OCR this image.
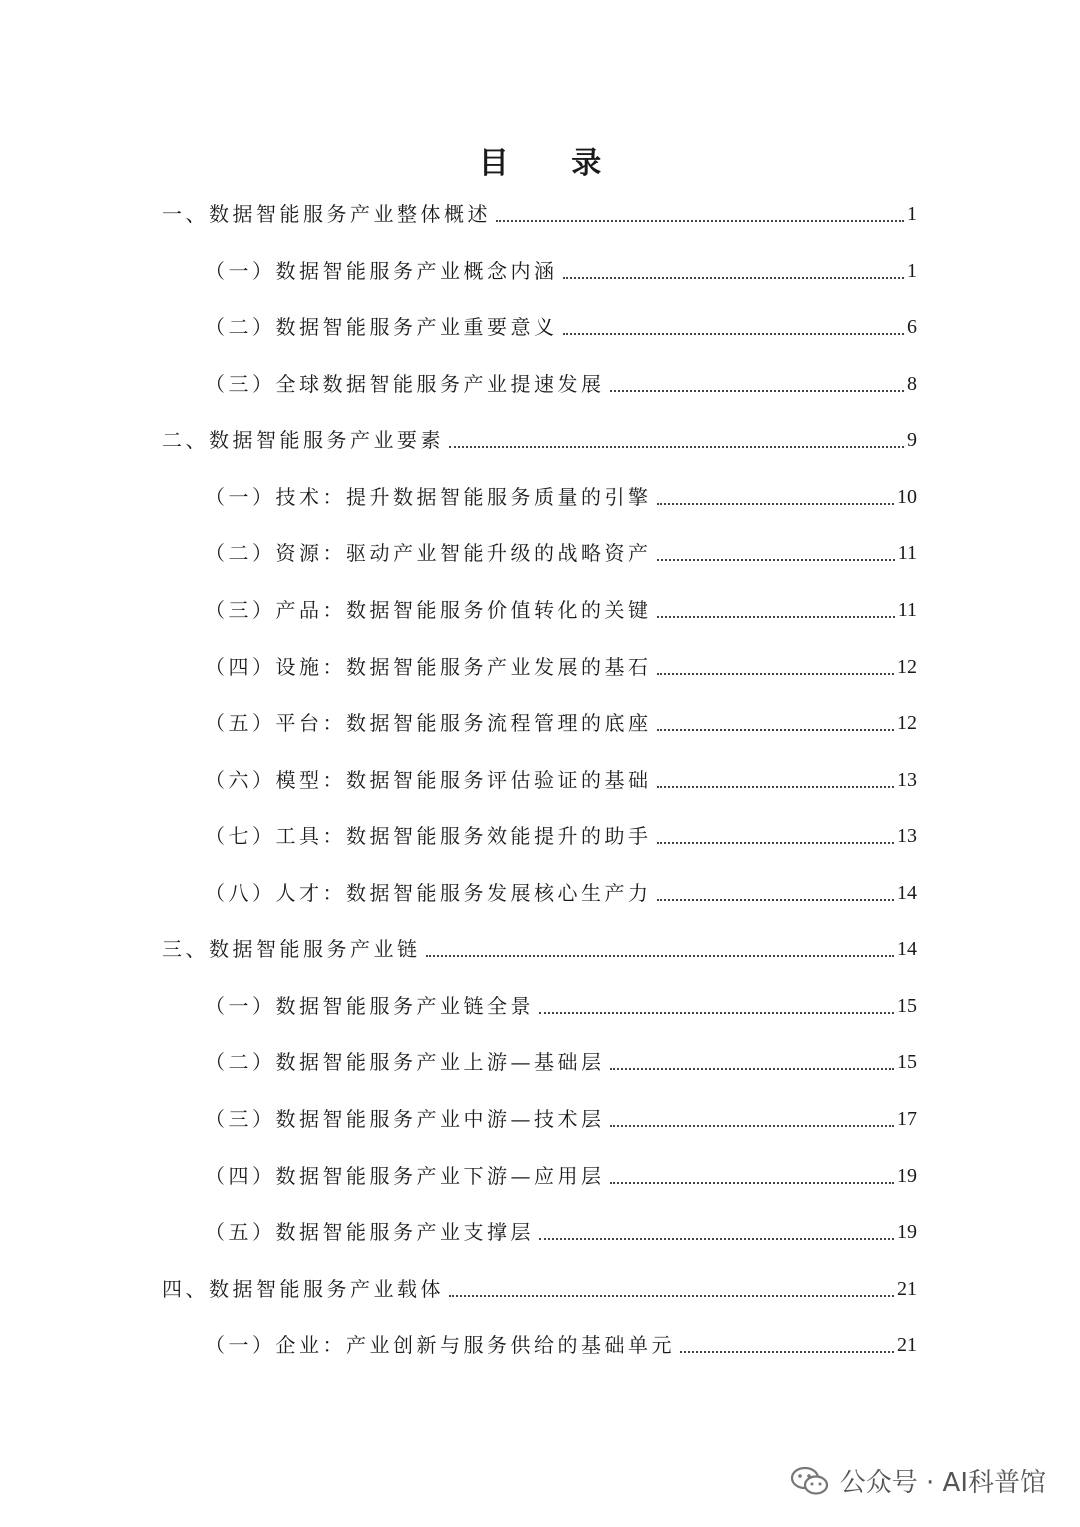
目 录
一、数据智能服务产业整体概述	1
（一）数据智能服务产业概念内涵	1
（二）数据智能服务产业重要意义	6
（三）全球数据智能服务产业提速发展	8
二、数据智能服务产业要素	9
（一）技术：提升数据智能服务质量的引擎	10
（二）资源：驱动产业智能升级的战略资产	11
（三）产品：数据智能服务价值转化的关键	11
（四）设施：数据智能服务产业发展的基石	12
（五）平台：数据智能服务流程管理的底座	12
（六）模型：数据智能服务评估验证的基础	13
（七）工具：数据智能服务效能提升的助手	13
（八）人才：数据智能服务发展核心生产力	14
三、数据智能服务产业链	14
（一）数据智能服务产业链全景	15
（二）数据智能服务产业上游—基础层	15
（三）数据智能服务产业中游—技术层	17
（四）数据智能服务产业下游—应用层	19
（五）数据智能服务产业支撑层	19
四、数据智能服务产业载体	21
（一）企业：产业创新与服务供给的基础单元	21
公众号 · AI科普馆
